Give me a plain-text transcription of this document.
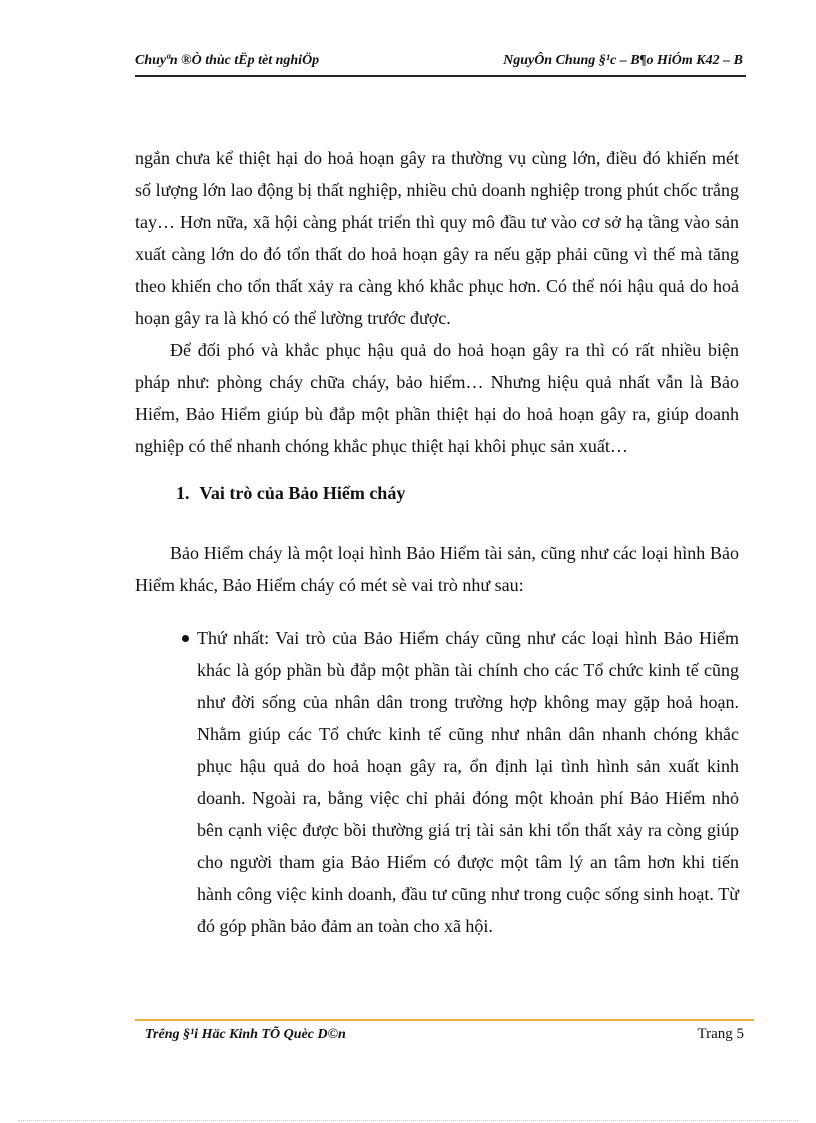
Chuyªn ®Ò thùc tËp tèt nghiÖp	NguyÔn Chung §¹c – B¶o HiÓm K42 – B

ngắn chưa kể thiệt hại do hoả hoạn gây ra thường vụ cùng lớn, điều đó khiến mét số lượng lớn lao động bị thất nghiệp, nhiều chủ doanh nghiệp trong phút chốc trắng tay… Hơn nữa, xã hội càng phát triển thì quy mô đầu tư vào cơ sở hạ tầng vào sản xuất càng lớn do đó tổn thất do hoả hoạn gây ra nếu gặp phải cũng vì thế mà tăng theo khiến cho tổn thất xảy ra càng khó khắc phục hơn. Có thể nói hậu quả do hoả hoạn gây ra là khó có thể lường trước được.

Để đối phó và khắc phục hậu quả do hoả hoạn gây ra thì có rất nhiều biện pháp như: phòng cháy chữa cháy, bảo hiểm… Nhưng hiệu quả nhất vẫn là Bảo Hiểm, Bảo Hiểm giúp bù đắp một phần thiệt hại do hoả hoạn gây ra, giúp doanh nghiệp có thể nhanh chóng khắc phục thiệt hại khôi phục sản xuất…

1. Vai trò của Bảo Hiểm cháy

Bảo Hiểm cháy là một loại hình Bảo Hiểm tài sản, cũng như các loại hình Bảo Hiểm khác, Bảo Hiểm cháy có mét sè vai trò như sau:

Thứ nhất: Vai trò của Bảo Hiểm cháy cũng như các loại hình Bảo Hiểm khác là góp phần bù đắp một phần tài chính cho các Tổ chức kinh tế cũng như đời sống của nhân dân trong trường hợp không may gặp hoả hoạn. Nhằm giúp các Tổ chức kinh tế cũng như nhân dân nhanh chóng khắc phục hậu quả do hoả hoạn gây ra, ổn định lại tình hình sản xuất kinh doanh. Ngoài ra, bằng việc chỉ phải đóng một khoản phí Bảo Hiểm nhỏ bên cạnh việc được bồi thường giá trị tài sản khi tổn thất xảy ra còng giúp cho người tham gia Bảo Hiểm có được một tâm lý an tâm hơn khi tiến hành công việc kinh doanh, đầu tư cũng như trong cuộc sống sinh hoạt. Từ đó góp phần bảo đảm an toàn cho xã hội.

Trêng §¹i Häc Kinh TÕ Quèc D©n	Trang 5
